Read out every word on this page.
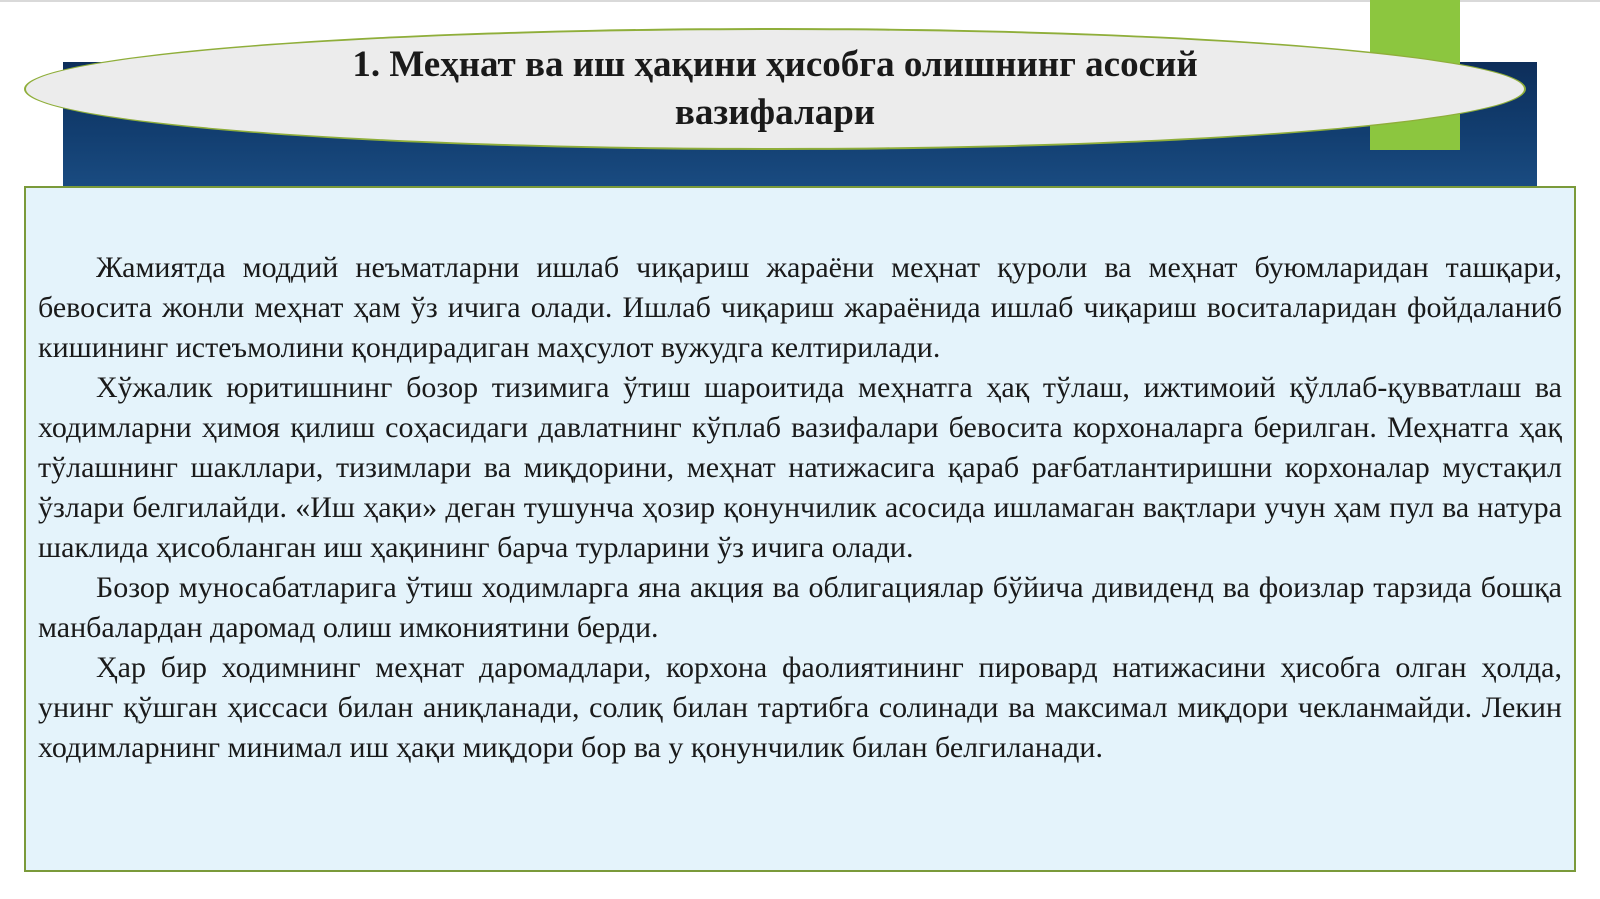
1. Меҳнат ва иш ҳақини ҳисобга олишнинг асосий вазифалари

Жамиятда моддий неъматларни ишлаб чиқариш жараёни меҳнат қуроли ва меҳнат буюмларидан ташқари, бевосита жонли меҳнат ҳам ўз ичига олади. Ишлаб чиқариш жараёнида ишлаб чиқариш воситаларидан фойдаланиб кишининг истеъмолини қондирадиган маҳсулот вужудга келтирилади.

Хўжалик юритишнинг бозор тизимига ўтиш шароитида меҳнатга ҳақ тўлаш, ижтимоий қўллаб-қувватлаш ва ходимларни ҳимоя қилиш соҳасидаги давлатнинг кўплаб вазифалари бевосита корхоналарга берилган. Меҳнатга ҳақ тўлашнинг шакллари, тизимлари ва миқдорини, меҳнат натижасига қараб рағбатлантиришни корхоналар мустақил ўзлари белгилайди. «Иш ҳақи» деган тушунча ҳозир қонунчилик асосида ишламаган вақтлари учун ҳам пул ва натура шаклида ҳисобланган иш ҳақининг барча турларини ўз ичига олади.

Бозор муносабатларига ўтиш ходимларга яна акция ва облигациялар бўйича дивиденд ва фоизлар тарзида бошқа манбалардан даромад олиш имкониятини берди.

Ҳар бир ходимнинг меҳнат даромадлари, корхона фаолиятининг пировард натижасини ҳисобга олган ҳолда, унинг қўшган ҳиссаси билан аниқланади, солиқ билан тартибга солинади ва максимал миқдори чекланмайди. Лекин ходимларнинг минимал иш ҳақи миқдори бор ва у қонунчилик билан белгиланади.
